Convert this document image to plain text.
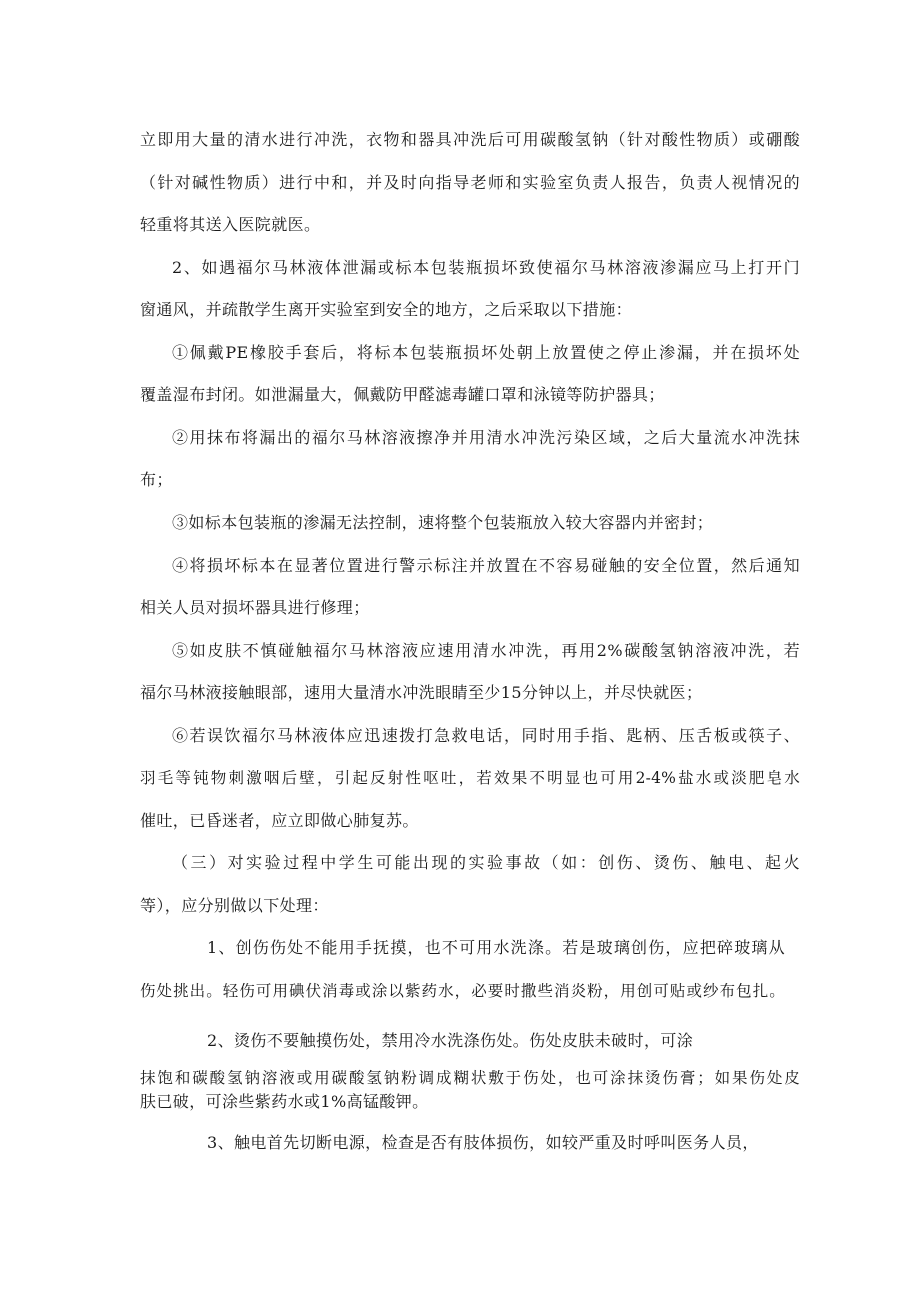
立即用大量的清水进行冲洗，衣物和器具冲洗后可用碳酸氢钠（针对酸性物质）或硼酸
（针对碱性物质）进行中和，并及时向指导老师和实验室负责人报告，负责人视情况的
轻重将其送入医院就医。
2、如遇福尔马林液体泄漏或标本包装瓶损坏致使福尔马林溶液渗漏应马上打开门
窗通风，并疏散学生离开实验室到安全的地方，之后采取以下措施：
①佩戴PE橡胶手套后，将标本包装瓶损坏处朝上放置使之停止渗漏，并在损坏处
覆盖湿布封闭。如泄漏量大，佩戴防甲醛滤毒罐口罩和泳镜等防护器具；
②用抹布将漏出的福尔马林溶液擦净并用清水冲洗污染区域，之后大量流水冲洗抹
布；
③如标本包装瓶的渗漏无法控制，速将整个包装瓶放入较大容器内并密封；
④将损坏标本在显著位置进行警示标注并放置在不容易碰触的安全位置，然后通知
相关人员对损坏器具进行修理；
⑤如皮肤不慎碰触福尔马林溶液应速用清水冲洗，再用2%碳酸氢钠溶液冲洗，若
福尔马林液接触眼部，速用大量清水冲洗眼睛至少15分钟以上，并尽快就医；
⑥若误饮福尔马林液体应迅速拨打急救电话，同时用手指、匙柄、压舌板或筷子、
羽毛等钝物刺激咽后壁，引起反射性呕吐，若效果不明显也可用2-4%盐水或淡肥皂水
催吐，已昏迷者，应立即做心肺复苏。
（三）对实验过程中学生可能出现的实验事故（如：创伤、烫伤、触电、起火
等），应分别做以下处理：
1、创伤伤处不能用手抚摸，也不可用水洗涤。若是玻璃创伤，应把碎玻璃从
伤处挑出。轻伤可用碘伏消毒或涂以紫药水，必要时撒些消炎粉，用创可贴或纱布包扎。
2、烫伤不要触摸伤处，禁用冷水洗涤伤处。伤处皮肤未破时，可涂
抹饱和碳酸氢钠溶液或用碳酸氢钠粉调成糊状敷于伤处，也可涂抹烫伤膏；如果伤处皮
肤已破，可涂些紫药水或1%高锰酸钾。
3、触电首先切断电源，检查是否有肢体损伤，如较严重及时呼叫医务人员，
